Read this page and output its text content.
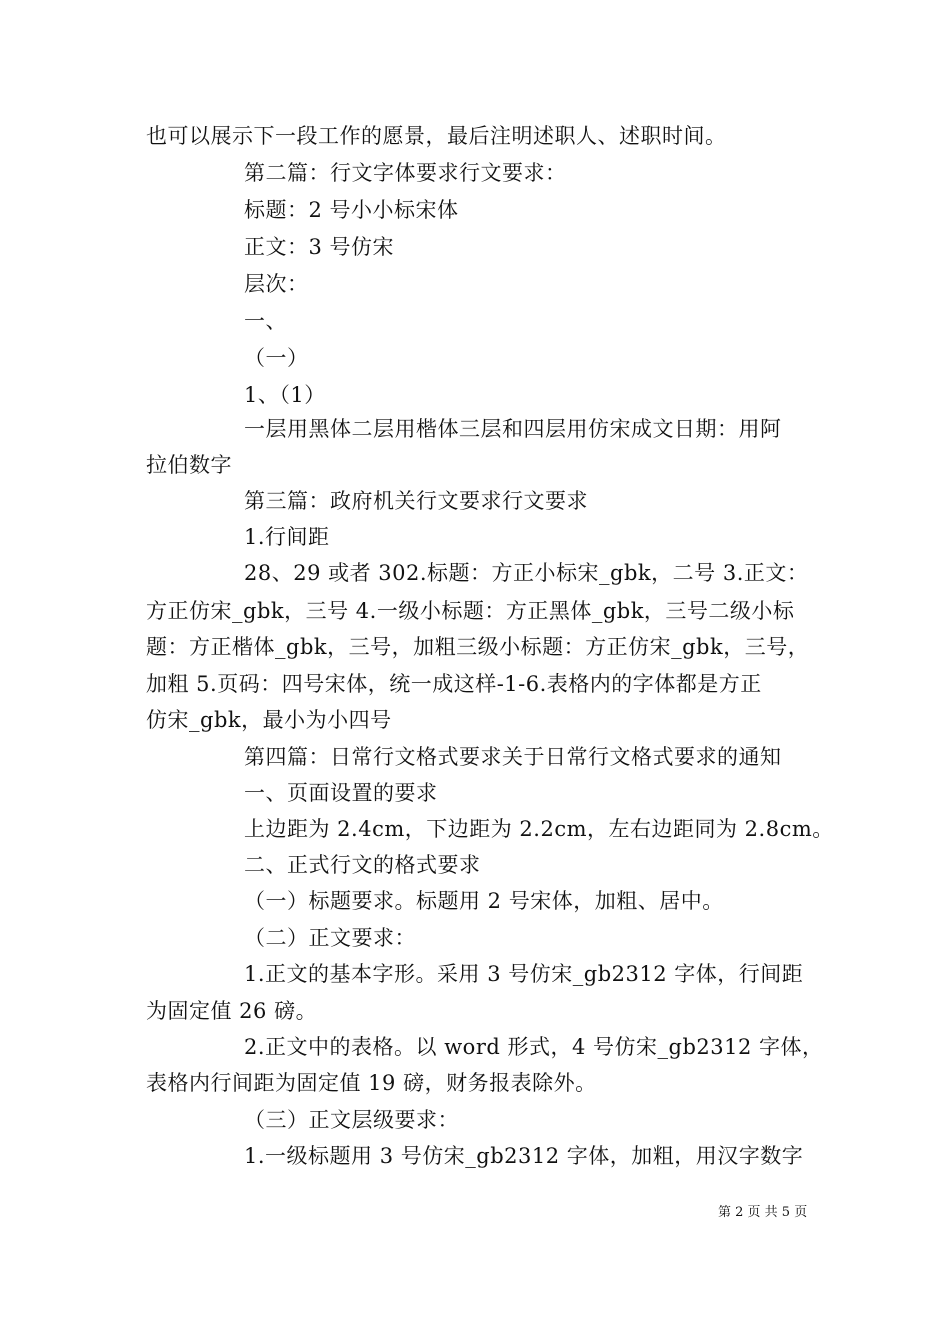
也可以展示下一段工作的愿景，最后注明述职人、述职时间。
第二篇：行文字体要求行文要求：
标题：2 号小小标宋体
正文：3 号仿宋
层次：
一、
（一）
1、（1）
一层用黑体二层用楷体三层和四层用仿宋成文日期：用阿
拉伯数字
第三篇：政府机关行文要求行文要求
1.行间距
28、29 或者 302.标题：方正小标宋_gbk，二号 3.正文：
方正仿宋_gbk，三号 4.一级小标题：方正黑体_gbk，三号二级小标
题：方正楷体_gbk，三号，加粗三级小标题：方正仿宋_gbk，三号，
加粗 5.页码：四号宋体，统一成这样-1-6.表格内的字体都是方正
仿宋_gbk，最小为小四号
第四篇：日常行文格式要求关于日常行文格式要求的通知
一、页面设置的要求
上边距为 2.4cm，下边距为 2.2cm，左右边距同为 2.8cm。
二、正式行文的格式要求
（一）标题要求。标题用 2 号宋体，加粗、居中。
（二）正文要求：
1.正文的基本字形。采用 3 号仿宋_gb2312 字体，行间距
为固定值 26 磅。
2.正文中的表格。以 word 形式，4 号仿宋_gb2312 字体，
表格内行间距为固定值 19 磅，财务报表除外。
（三）正文层级要求：
1.一级标题用 3 号仿宋_gb2312 字体，加粗，用汉字数字
第 2 页 共 5 页
